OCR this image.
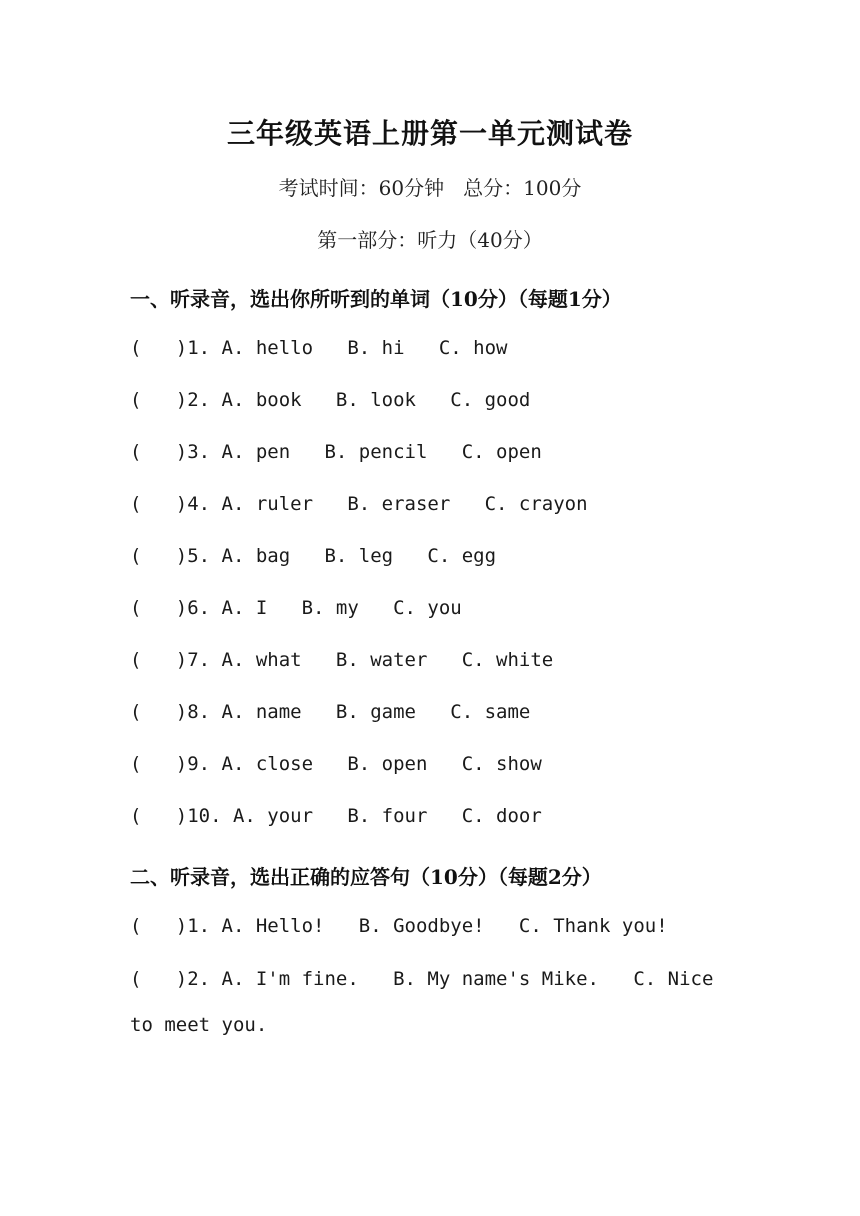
三年级英语上册第一单元测试卷
考试时间：60分钟   总分：100分
第一部分：听力（40分）
一、听录音，选出你所听到的单词（10分）（每题1分）
(   )1. A. hello   B. hi   C. how
(   )2. A. book   B. look   C. good
(   )3. A. pen   B. pencil   C. open
(   )4. A. ruler   B. eraser   C. crayon
(   )5. A. bag   B. leg   C. egg
(   )6. A. I   B. my   C. you
(   )7. A. what   B. water   C. white
(   )8. A. name   B. game   C. same
(   )9. A. close   B. open   C. show
(   )10. A. your   B. four   C. door
二、听录音，选出正确的应答句（10分）（每题2分）
(   )1. A. Hello!   B. Goodbye!   C. Thank you!
(   )2. A. I'm fine.   B. My name's Mike.   C. Nice to meet you.
